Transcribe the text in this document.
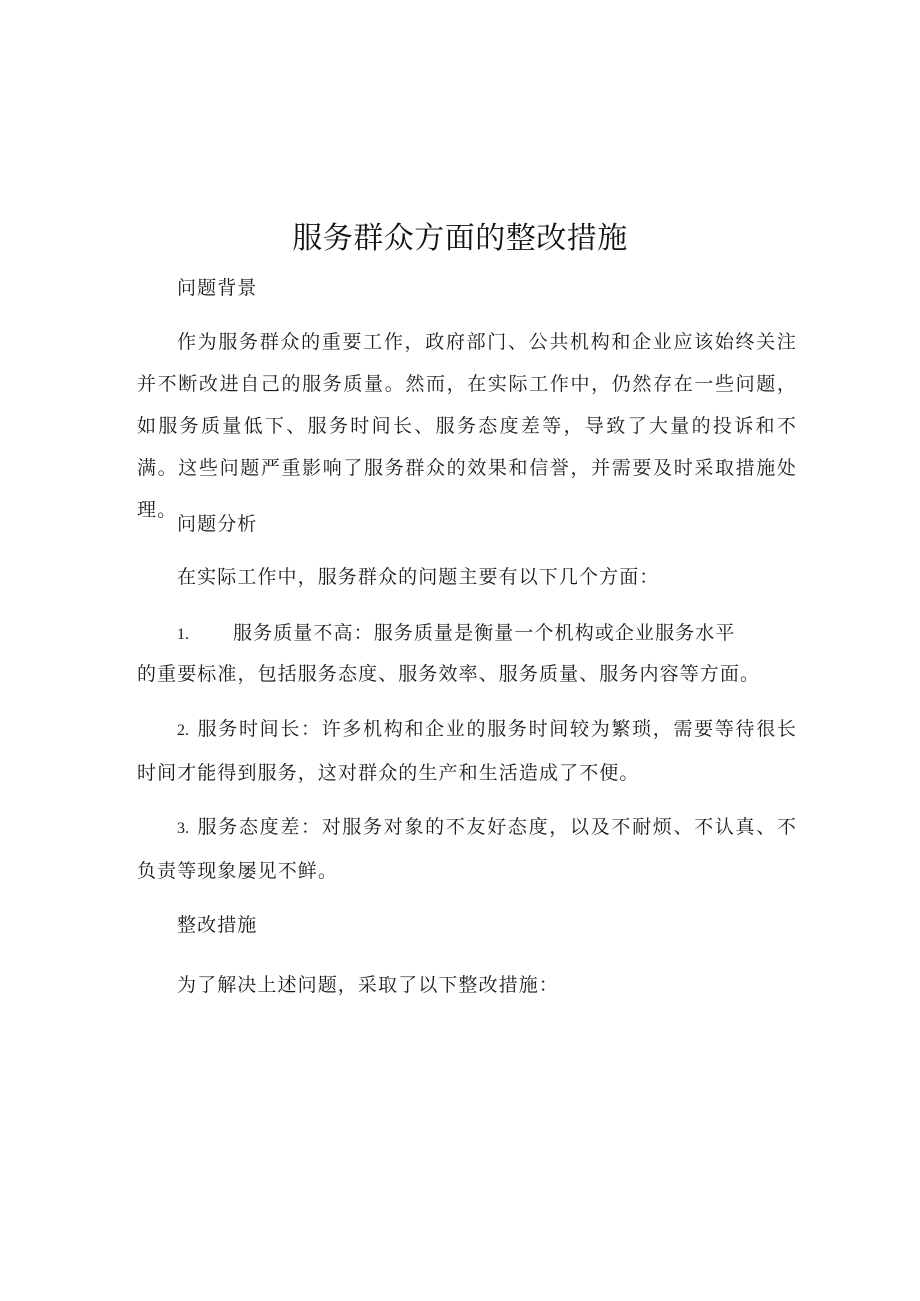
服务群众方面的整改措施
问题背景
作为服务群众的重要工作，政府部门、公共机构和企业应该始终关注并不断改进自己的服务质量。然而，在实际工作中，仍然存在一些问题，如服务质量低下、服务时间长、服务态度差等，导致了大量的投诉和不满。这些问题严重影响了服务群众的效果和信誉，并需要及时采取措施处理。
问题分析
在实际工作中，服务群众的问题主要有以下几个方面：
1. 服务质量不高：服务质量是衡量一个机构或企业服务水平
的重要标准，包括服务态度、服务效率、服务质量、服务内容等方面。
2. 服务时间长：许多机构和企业的服务时间较为繁琐，需要等待很长时间才能得到服务，这对群众的生产和生活造成了不便。
3. 服务态度差：对服务对象的不友好态度，以及不耐烦、不认真、不负责等现象屡见不鲜。
整改措施
为了解决上述问题，采取了以下整改措施：
